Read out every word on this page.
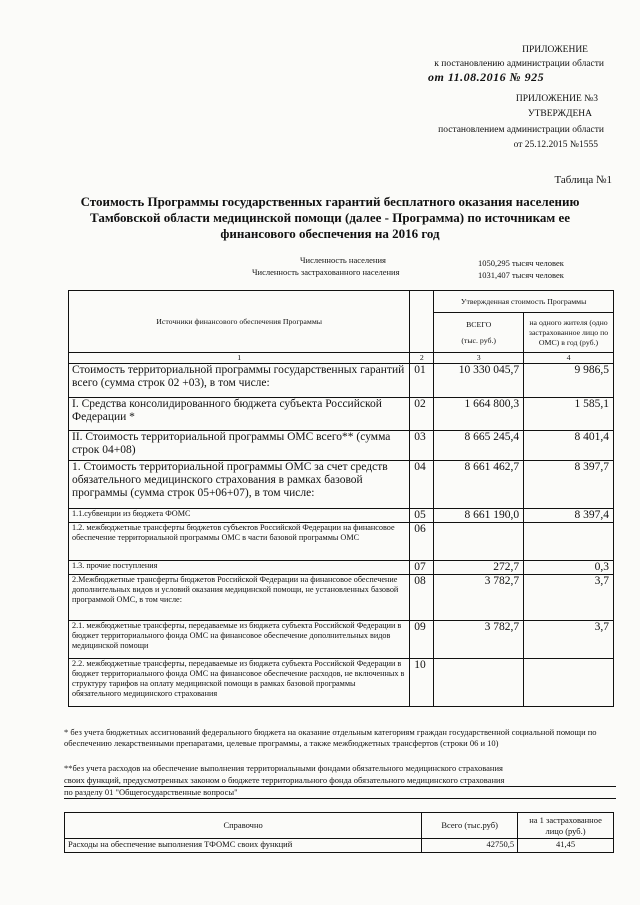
ПРИЛОЖЕНИЕ
к постановлению администрации области
от 11.08.2016 № 925
ПРИЛОЖЕНИЕ №3
УТВЕРЖДЕНА
постановлением администрации области
от 25.12.2015 №1555
Таблица №1
Стоимость Программы государственных гарантий бесплатного оказания населению
Тамбовской области медицинской помощи (далее - Программа) по источникам ее
финансового обеспечения на 2016 год
Численность населения	1050,295 тысяч человек
Численность застрахованного населения	1031,407 тысяч человек
Источники финансового обеспечения Программы		Утвержденная стоимость Программы	

		ВСЕГО
(тыс. руб.)	на одного жителя (одно застрахованное лицо по ОМС) в год (руб.)
1	2	3	4
Стоимость территориальной программы государственных гарантий всего (сумма строк 02 +03), в том числе:	01	10 330 045,7	9 986,5
I. Средства консолидированного бюджета субъекта Российской Федерации *	02	1 664 800,3	1 585,1
II. Стоимость территориальной программы ОМС всего** (сумма строк 04+08)	03	8 665 245,4	8 401,4
1. Стоимость территориальной программы ОМС за счет средств обязательного медицинского страхования в рамках базовой программы (сумма строк 05+06+07), в том числе:	04	8 661 462,7	8 397,7
1.1.субвенции из бюджета ФОМС	05	8 661 190,0	8 397,4
1.2. межбюджетные трансферты бюджетов субъектов Российской Федерации на финансовое обеспечение территориальной программы ОМС в части базовой программы ОМС	06		
1.3. прочие поступления	07	272,7	0,3
2.Межбюджетные трансферты бюджетов Российской Федерации на финансовое обеспечение дополнительных видов и условий оказания медицинской помощи, не установленных базовой программой ОМС, в том числе:	08	3 782,7	3,7
2.1. межбюджетные трансферты, передаваемые из бюджета субъекта Российской Федерации в бюджет территориального фонда ОМС на финансовое обеспечение дополнительных видов медицинской помощи	09	3 782,7	3,7
2.2. межбюджетные трансферты, передаваемые из бюджета субъекта Российской Федерации в бюджет территориального фонда ОМС на финансовое обеспечение расходов, не включенных в структуру тарифов на оплату медицинской помощи в рамках базовой программы обязательного медицинского страхования	10		
* без учета бюджетных ассигнований федерального бюджета на оказание отдельным категориям граждан государственной социальной помощи по обеспечению лекарственными препаратами, целевые программы, а также межбюджетных трансфертов (строки 06 и 10)
**без учета расходов на обеспечение выполнения территориальными фондами обязательного медицинского страхования
своих функций, предусмотренных законом о бюджете территориального фонда обязательного медицинского страхования
по разделу 01 "Общегосударственные вопросы"
Справочно	Всего (тыс.руб)	на 1 застрахованное лицо (руб.)
Расходы на обеспечение выполнения ТФОМС своих функций	42750,5	41,45
